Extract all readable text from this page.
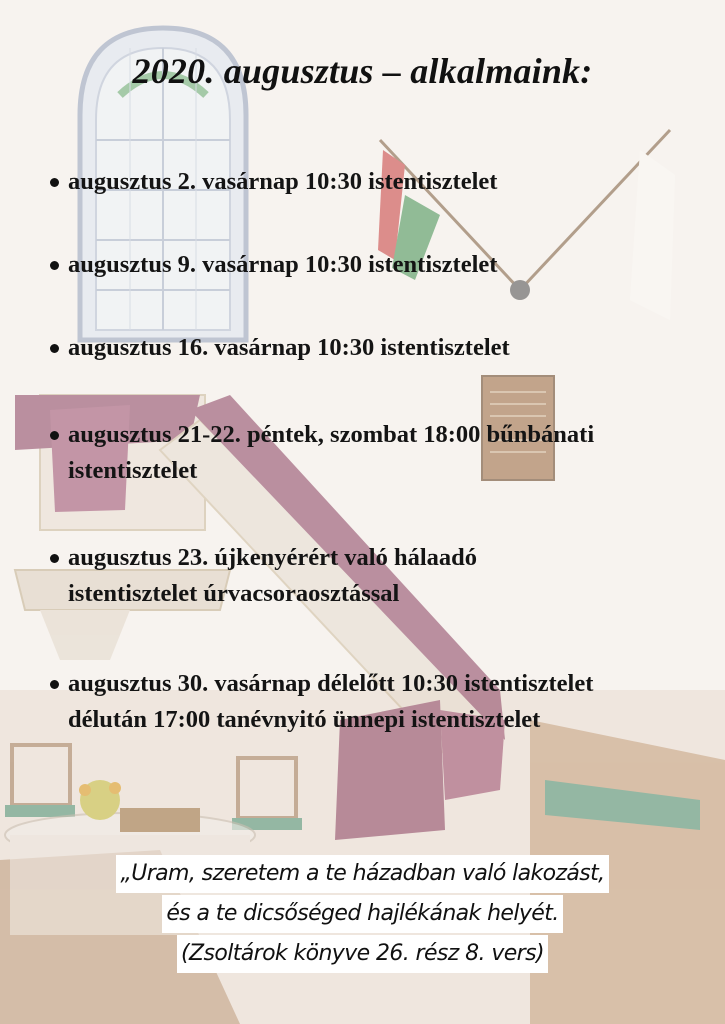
2020. augusztus – alkalmaink:
augusztus 2. vasárnap 10:30 istentisztelet
augusztus 9. vasárnap 10:30 istentisztelet
augusztus 16. vasárnap 10:30 istentisztelet
augusztus 21-22. péntek, szombat 18:00 bűnbánati
istentisztelet
augusztus 23. újkenyérért való hálaadó
istentisztelet úrvacsoraosztással
augusztus 30. vasárnap délelőtt 10:30 istentisztelet
délután 17:00 tanévnyitó ünnepi istentisztelet
„Uram, szeretem a te házadban való lakozást,
és a te dicsőséged hajlékának helyét.
(Zsoltárok könyve 26. rész 8. vers)
